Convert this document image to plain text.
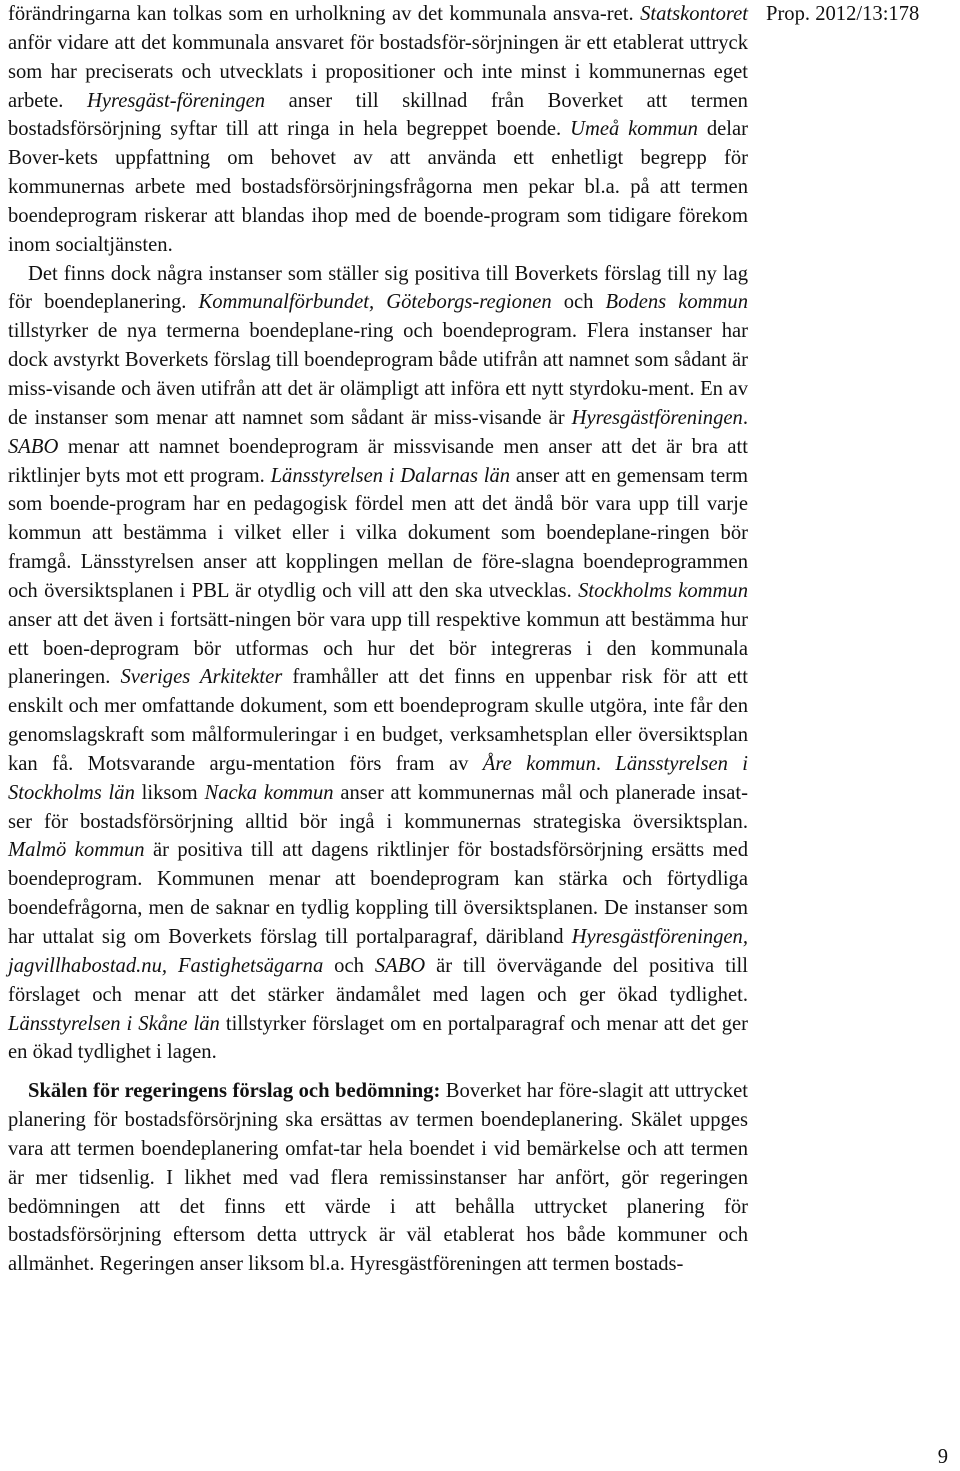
Prop. 2012/13:178

förändringarna kan tolkas som en urholkning av det kommunala ansva-ret. Statskontoret anför vidare att det kommunala ansvaret för bostadsför-sörjningen är ett etablerat uttryck som har preciserats och utvecklats i propositioner och inte minst i kommunernas eget arbete. Hyresgäst-föreningen anser till skillnad från Boverket att termen bostadsförsörjning syftar till att ringa in hela begreppet boende. Umeå kommun delar Bover-kets uppfattning om behovet av att använda ett enhetligt begrepp för kommunernas arbete med bostadsförsörjningsfrågorna men pekar bl.a. på att termen boendeprogram riskerar att blandas ihop med de boende-program som tidigare förekom inom socialtjänsten.

Det finns dock några instanser som ställer sig positiva till Boverkets förslag till ny lag för boendeplanering. Kommunalförbundet, Göteborgs-regionen och Bodens kommun tillstyrker de nya termerna boendeplane-ring och boendeprogram. Flera instanser har dock avstyrkt Boverkets förslag till boendeprogram både utifrån att namnet som sådant är miss-visande och även utifrån att det är olämpligt att införa ett nytt styrdoku-ment. En av de instanser som menar att namnet som sådant är miss-visande är Hyresgästföreningen. SABO menar att namnet boendeprogram är missvisande men anser att det är bra att riktlinjer byts mot ett program. Länsstyrelsen i Dalarnas län anser att en gemensam term som boende-program har en pedagogisk fördel men att det ändå bör vara upp till varje kommun att bestämma i vilket eller i vilka dokument som boendeplane-ringen bör framgå. Länsstyrelsen anser att kopplingen mellan de före-slagna boendeprogrammen och översiktsplanen i PBL är otydlig och vill att den ska utvecklas. Stockholms kommun anser att det även i fortsätt-ningen bör vara upp till respektive kommun att bestämma hur ett boen-deprogram bör utformas och hur det bör integreras i den kommunala planeringen. Sveriges Arkitekter framhåller att det finns en uppenbar risk för att ett enskilt och mer omfattande dokument, som ett boendeprogram skulle utgöra, inte får den genomslagskraft som målformuleringar i en budget, verksamhetsplan eller översiktsplan kan få. Motsvarande argu-mentation förs fram av Åre kommun. Länsstyrelsen i Stockholms län liksom Nacka kommun anser att kommunernas mål och planerade insat-ser för bostadsförsörjning alltid bör ingå i kommunernas strategiska översiktsplan. Malmö kommun är positiva till att dagens riktlinjer för bostadsförsörjning ersätts med boendeprogram. Kommunen menar att boendeprogram kan stärka och förtydliga boendefrågorna, men de saknar en tydlig koppling till översiktsplanen. De instanser som har uttalat sig om Boverkets förslag till portalparagraf, däribland Hyresgästföreningen, jagvillhabostad.nu, Fastighetsägarna och SABO är till övervägande del positiva till förslaget och menar att det stärker ändamålet med lagen och ger ökad tydlighet. Länsstyrelsen i Skåne län tillstyrker förslaget om en portalparagraf och menar att det ger en ökad tydlighet i lagen.

Skälen för regeringens förslag och bedömning: Boverket har före-slagit att uttrycket planering för bostadsförsörjning ska ersättas av termen boendeplanering. Skälet uppges vara att termen boendeplanering omfat-tar hela boendet i vid bemärkelse och att termen är mer tidsenlig. I likhet med vad flera remissinstanser har anfört, gör regeringen bedömningen att det finns ett värde i att behålla uttrycket planering för bostadsförsörjning eftersom detta uttryck är väl etablerat hos både kommuner och allmänhet. Regeringen anser liksom bl.a. Hyresgästföreningen att termen bostads-

9
